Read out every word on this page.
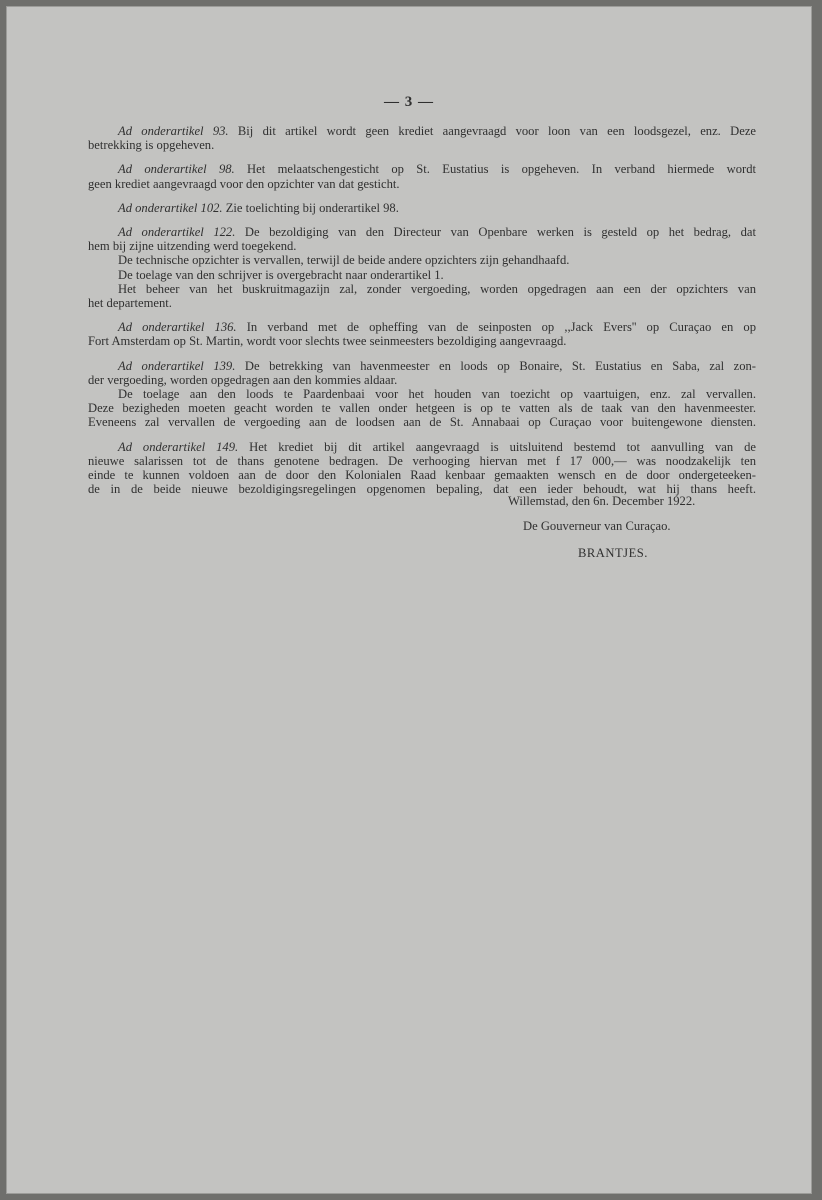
— 3 —
Ad onderartikel 93. Bij dit artikel wordt geen krediet aangevraagd voor loon van een loodsgezel, enz. Deze
betrekking is opgeheven.
Ad onderartikel 98. Het melaatschengesticht op St. Eustatius is opgeheven. In verband hiermede wordt
geen krediet aangevraagd voor den opzichter van dat gesticht.
Ad onderartikel 102. Zie toelichting bij onderartikel 98.
Ad onderartikel 122. De bezoldiging van den Directeur van Openbare werken is gesteld op het bedrag, dat
hem bij zijne uitzending werd toegekend.
De technische opzichter is vervallen, terwijl de beide andere opzichters zijn gehandhaafd.
De toelage van den schrijver is overgebracht naar onderartikel 1.
Het beheer van het buskruitmagazijn zal, zonder vergoeding, worden opgedragen aan een der opzichters van
het departement.
Ad onderartikel 136. In verband met de opheffing van de seinposten op ,,Jack Evers'' op Curaçao en op
Fort Amsterdam op St. Martin, wordt voor slechts twee seinmeesters bezoldiging aangevraagd.
Ad onderartikel 139. De betrekking van havenmeester en loods op Bonaire, St. Eustatius en Saba, zal zon-
der vergoeding, worden opgedragen aan den kommies aldaar.
De toelage aan den loods te Paardenbaai voor het houden van toezicht op vaartuigen, enz. zal vervallen.
Deze bezigheden moeten geacht worden te vallen onder hetgeen is op te vatten als de taak van den havenmeester.
Eveneens zal vervallen de vergoeding aan de loodsen aan de St. Annabaai op Curaçao voor buitengewone diensten.
Ad onderartikel 149. Het krediet bij dit artikel aangevraagd is uitsluitend bestemd tot aanvulling van de
nieuwe salarissen tot de thans genotene bedragen. De verhooging hiervan met f 17 000,— was noodzakelijk ten
einde te kunnen voldoen aan de door den Kolonialen Raad kenbaar gemaakten wensch en de door ondergeteeken-
de in de beide nieuwe bezoldigingsregelingen opgenomen bepaling, dat een ieder behoudt, wat hij thans heeft.
Willemstad, den 6n. December 1922.
De Gouverneur van Curaçao.
BRANTJES.
